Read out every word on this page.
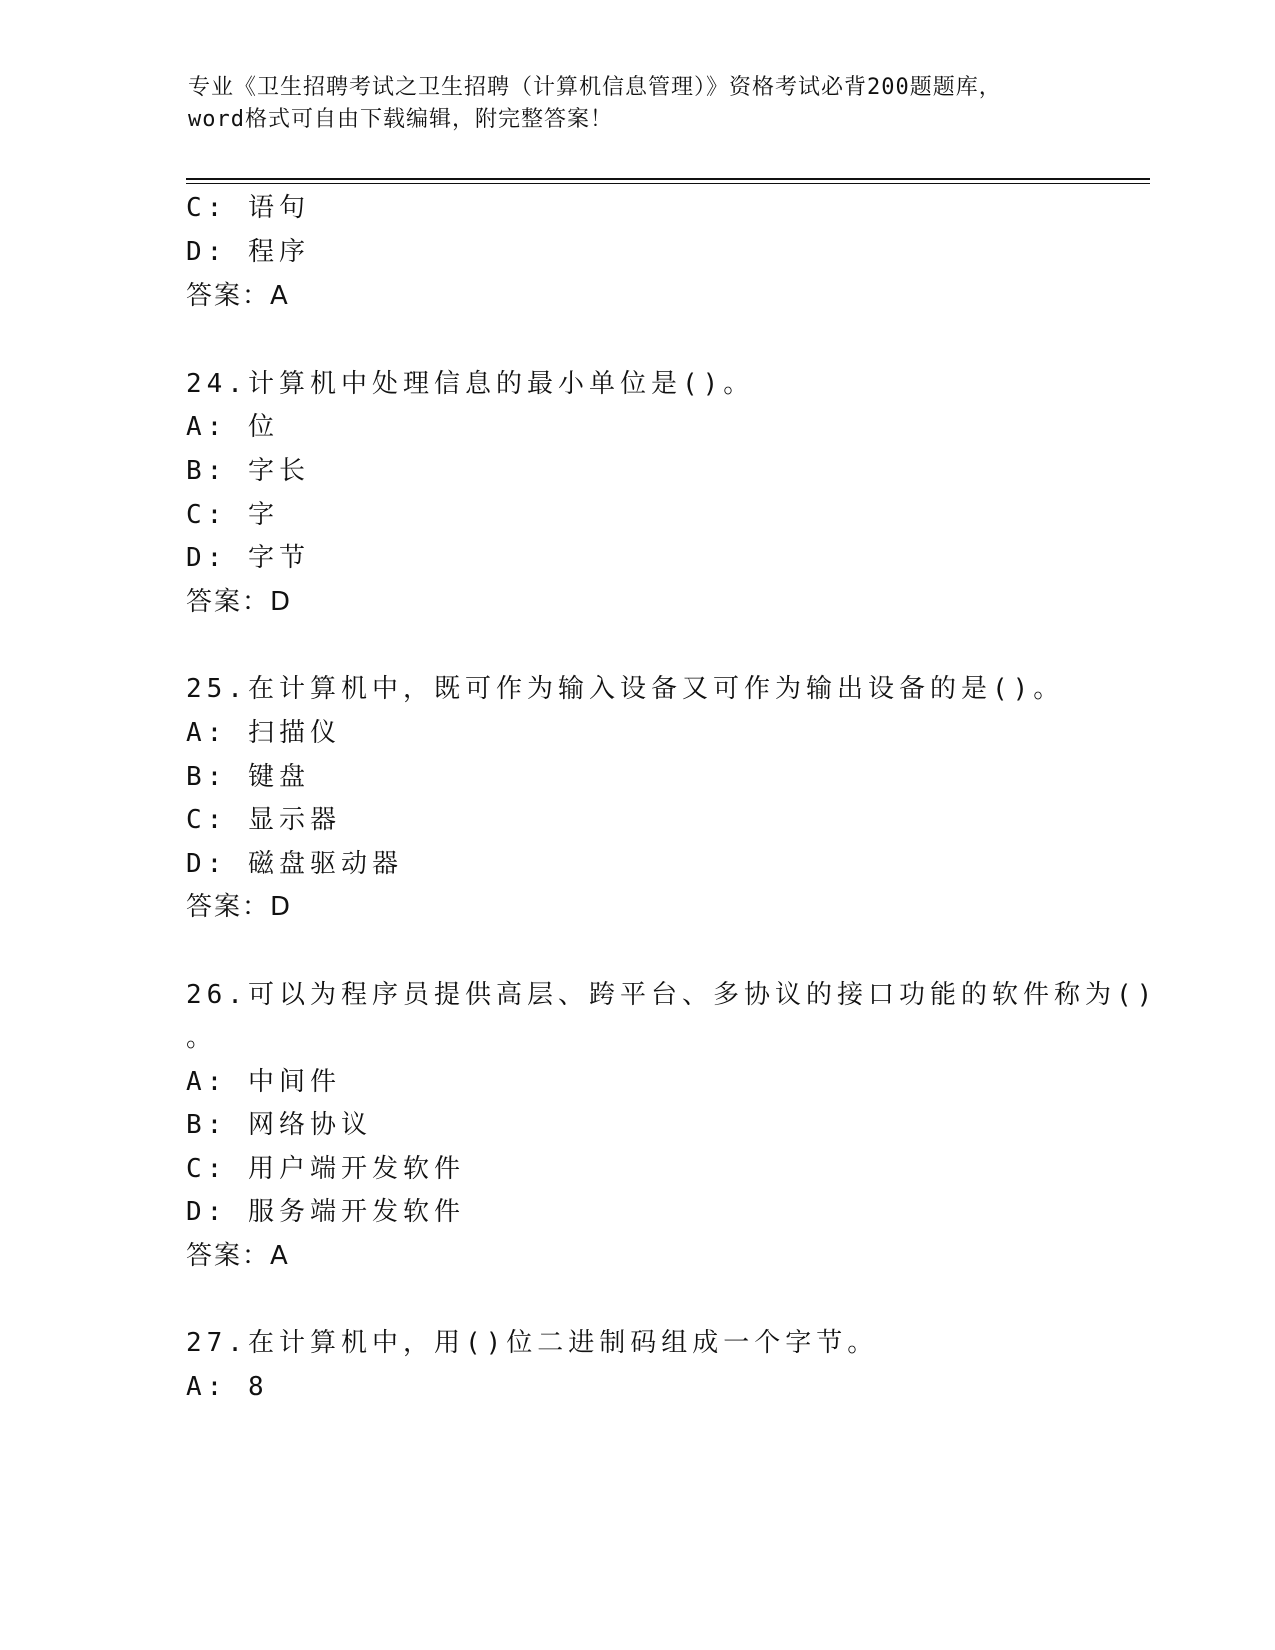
专业《卫生招聘考试之卫生招聘（计算机信息管理）》资格考试必背200题题库，
word格式可自由下载编辑，附完整答案！
C: 语句
D: 程序
答案：A
24.计算机中处理信息的最小单位是()。
A: 位
B: 字长
C: 字
D: 字节
答案：D
25.在计算机中，既可作为输入设备又可作为输出设备的是()。
A: 扫描仪
B: 键盘
C: 显示器
D: 磁盘驱动器
答案：D
26.可以为程序员提供高层、跨平台、多协议的接口功能的软件称为()
。
A: 中间件
B: 网络协议
C: 用户端开发软件
D: 服务端开发软件
答案：A
27.在计算机中，用()位二进制码组成一个字节。
A: 8
